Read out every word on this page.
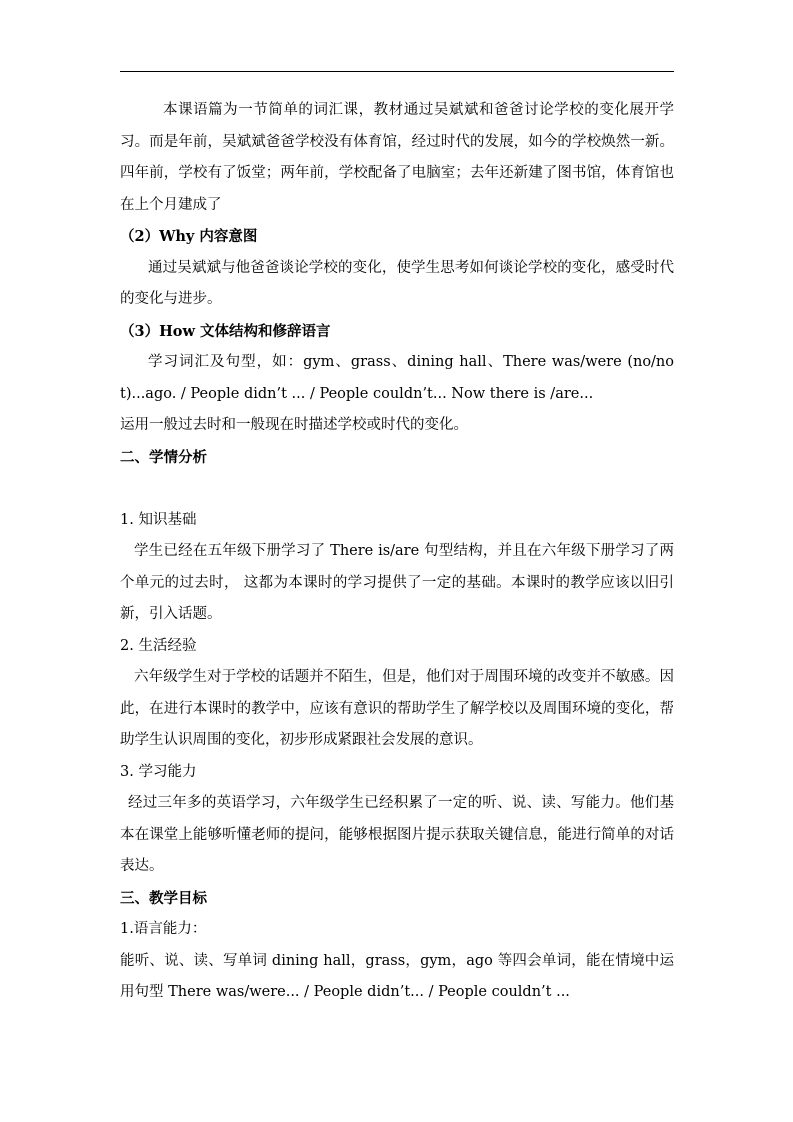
本课语篇为一节简单的词汇课，教材通过吴斌斌和爸爸讨论学校的变化展开学习。而是年前，吴斌斌爸爸学校没有体育馆，经过时代的发展，如今的学校焕然一新。四年前，学校有了饭堂；两年前，学校配备了电脑室；去年还新建了图书馆，体育馆也在上个月建成了

（2）Why 内容意图

通过吴斌斌与他爸爸谈论学校的变化，使学生思考如何谈论学校的变化，感受时代的变化与进步。

（3）How 文体结构和修辞语言

学习词汇及句型，如：gym、grass、dining hall、There was/were (no/not)...ago. / People didn’t ... / People couldn’t... Now there is /are...

运用一般过去时和一般现在时描述学校或时代的变化。

二、学情分析

1. 知识基础

学生已经在五年级下册学习了 There is/are 句型结构，并且在六年级下册学习了两个单元的过去时， 这都为本课时的学习提供了一定的基础。本课时的教学应该以旧引新，引入话题。

2. 生活经验

六年级学生对于学校的话题并不陌生，但是，他们对于周围环境的改变并不敏感。因此，在进行本课时的教学中，应该有意识的帮助学生了解学校以及周围环境的变化，帮助学生认识周围的变化，初步形成紧跟社会发展的意识。

3. 学习能力

经过三年多的英语学习，六年级学生已经积累了一定的听、说、读、写能力。他们基本在课堂上能够听懂老师的提问，能够根据图片提示获取关键信息，能进行简单的对话表达。

三、教学目标

1.语言能力：

能听、说、读、写单词 dining hall，grass，gym，ago 等四会单词，能在情境中运用句型 There was/were... / People didn’t... / People couldn’t ...
